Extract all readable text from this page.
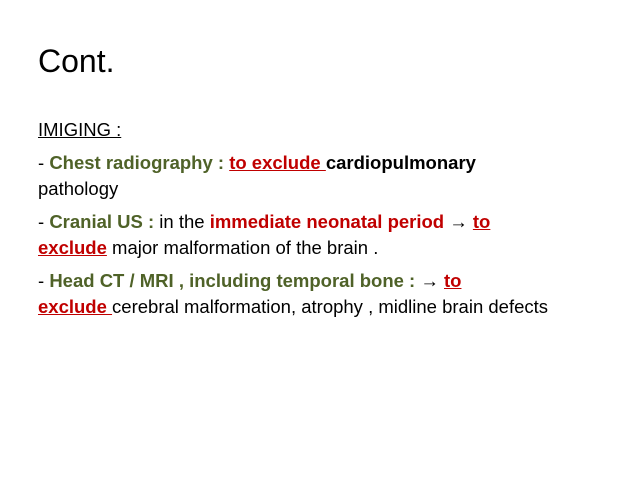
Cont.

IMIGING :

- Chest radiography : to exclude cardiopulmonary
pathology

- Cranial US : in the immediate neonatal period → to
exclude major malformation of the brain .

- Head CT / MRI , including temporal bone : → to
exclude cerebral malformation, atrophy , midline brain defects
